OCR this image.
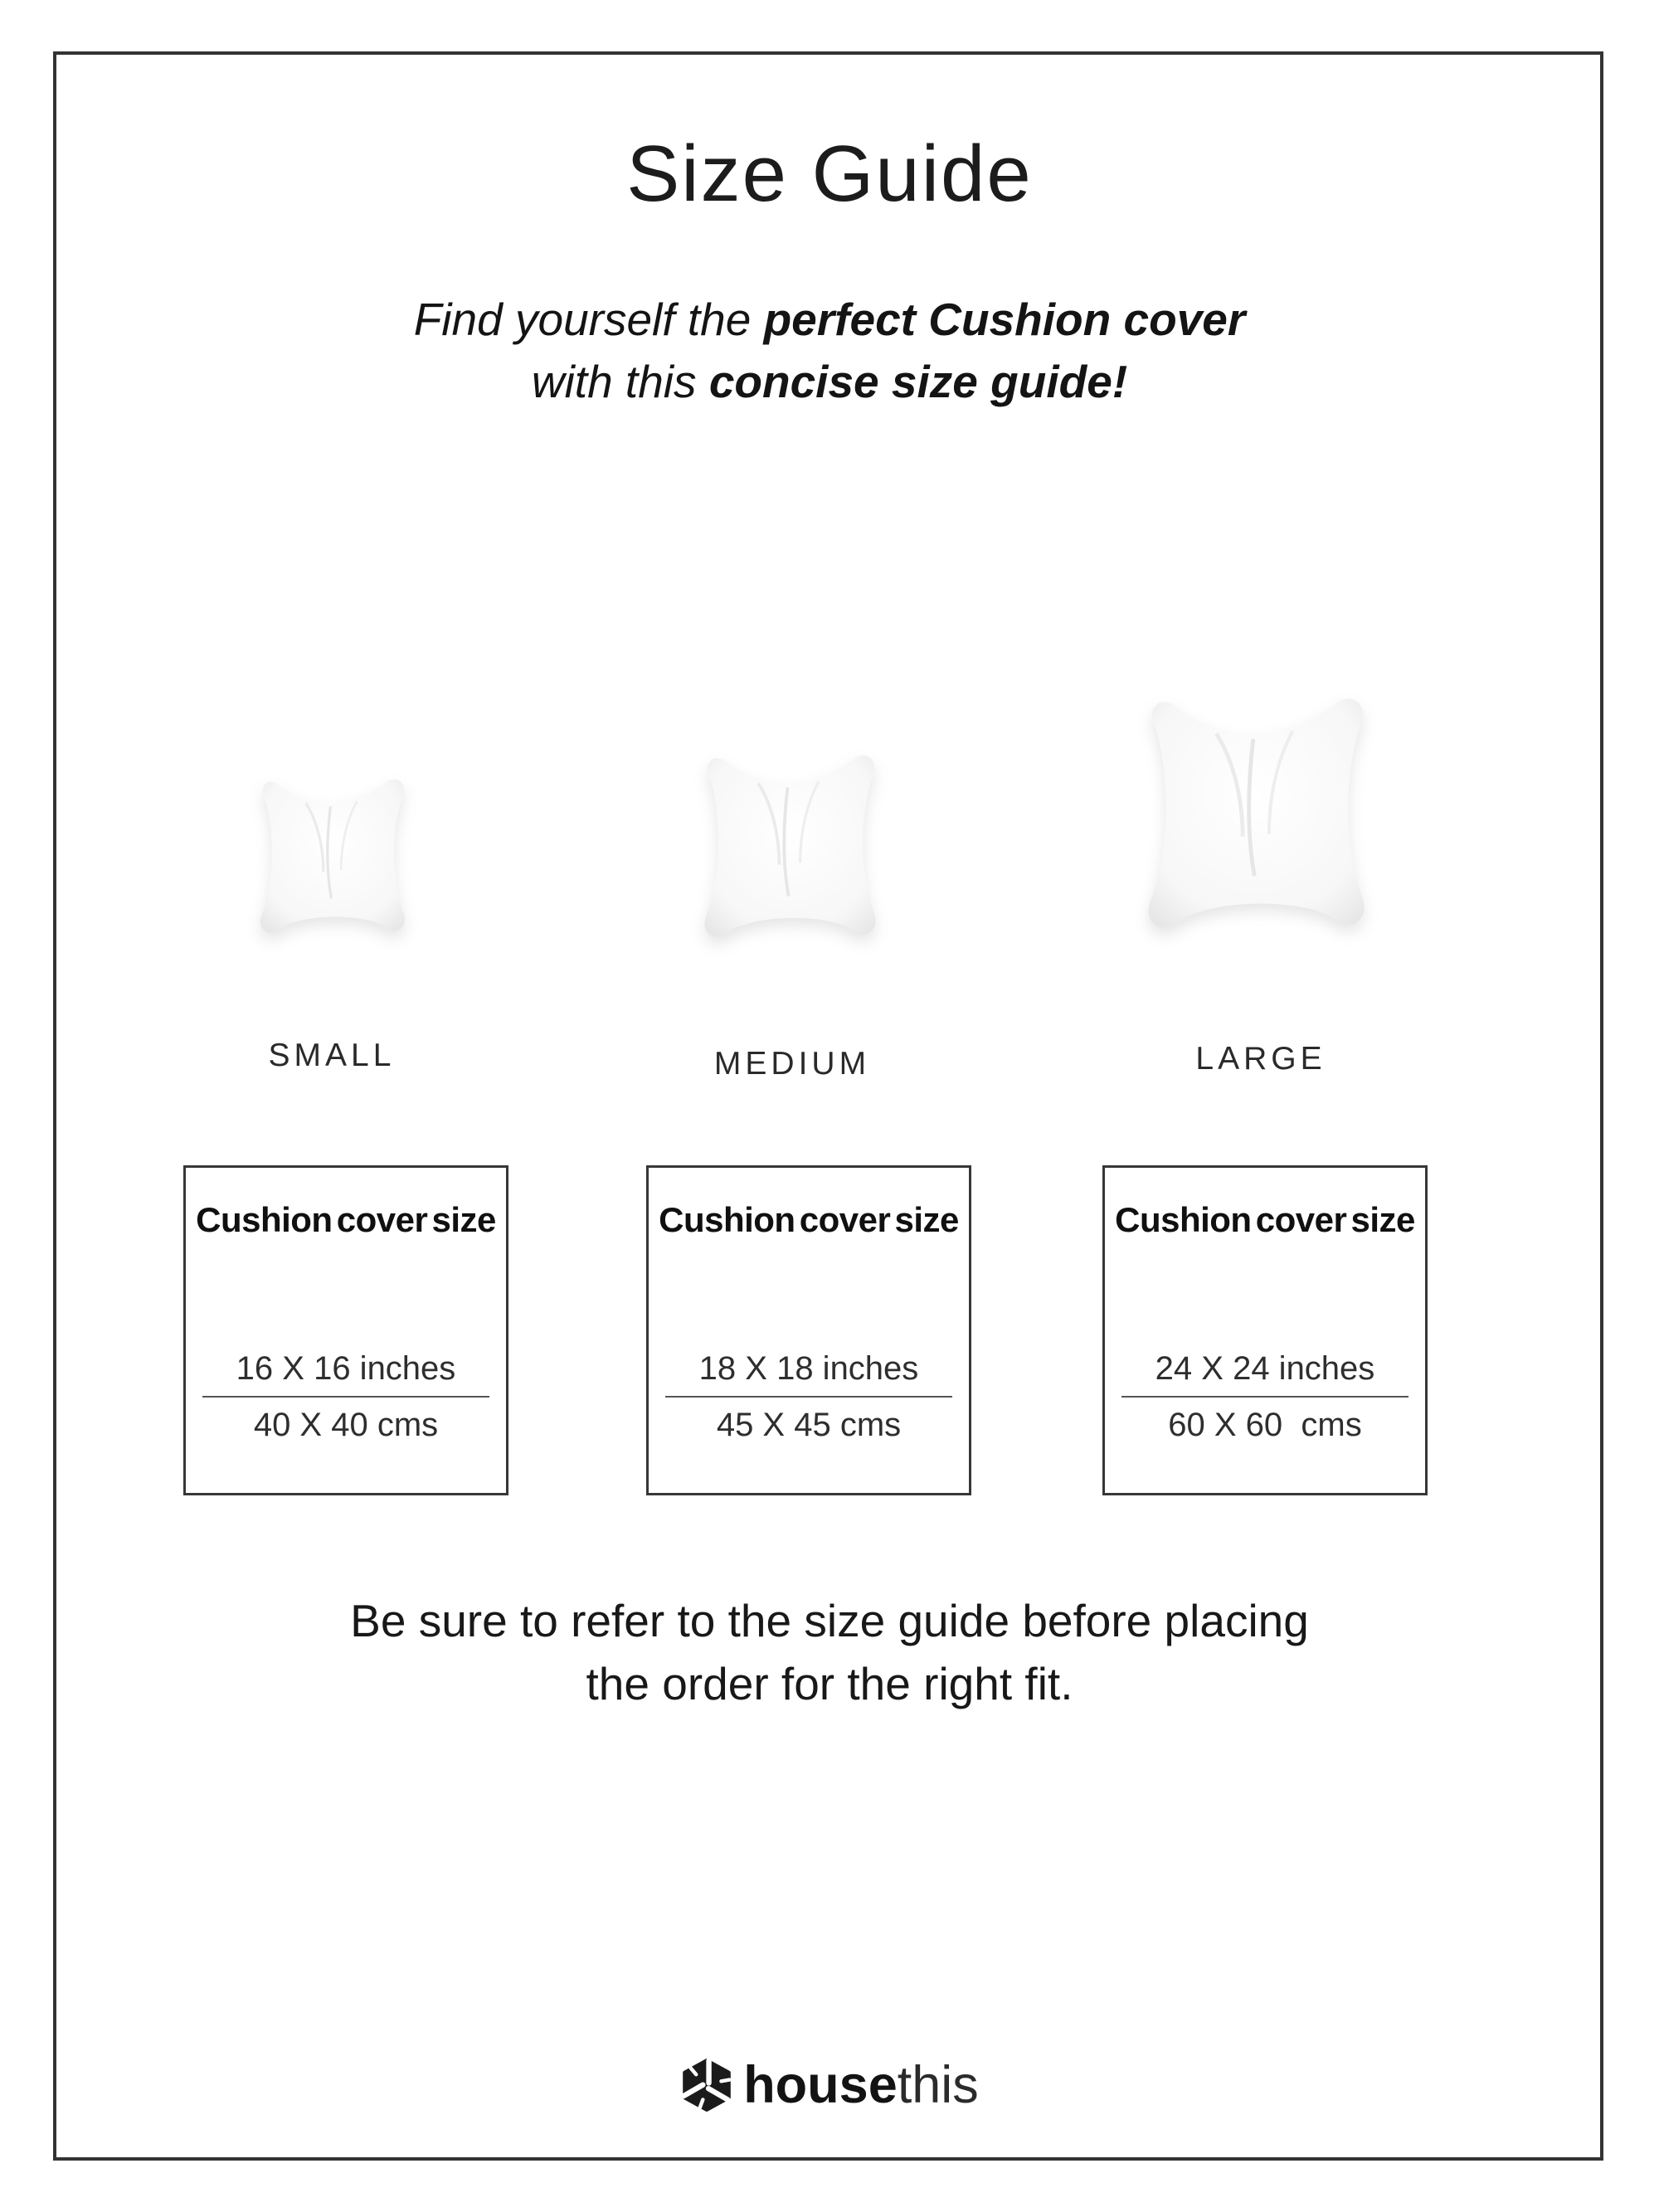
Size Guide
Find yourself the perfect Cushion cover
with this concise size guide!
SMALL	MEDIUM	LARGE
Cushion cover size
16 X 16 inches
40 X 40 cms
Cushion cover size
18 X 18 inches
45 X 45 cms
Cushion cover size
24 X 24 inches
60 X 60  cms
Be sure to refer to the size guide before placing
the order for the right fit.
housethis
